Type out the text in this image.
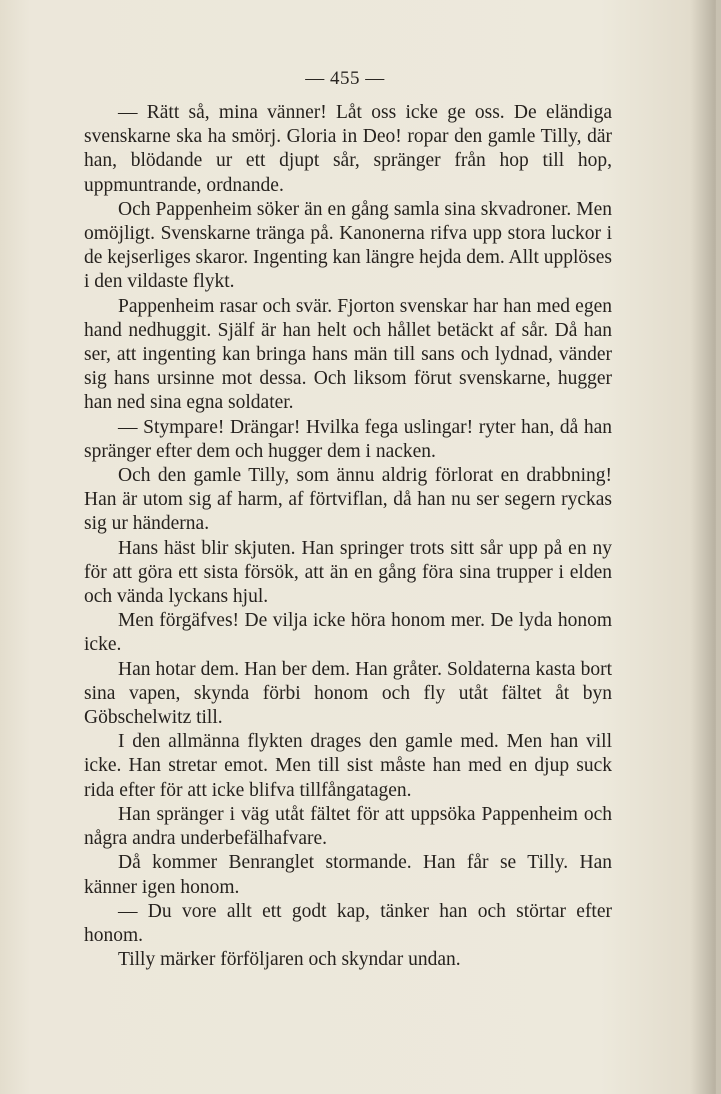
— 455 —

— Rätt så, mina vänner! Låt oss icke ge oss. De eländiga svenskarne ska ha smörj. Gloria in Deo! ropar den gamle Tilly, där han, blödande ur ett djupt sår, spränger från hop till hop, uppmuntrande, ordnande.

Och Pappenheim söker än en gång samla sina skvadroner. Men omöjligt. Svenskarne tränga på. Kanonerna rifva upp stora luckor i de kejserliges skaror. Ingenting kan längre hejda dem. Allt upplöses i den vildaste flykt.

Pappenheim rasar och svär. Fjorton svenskar har han med egen hand nedhuggit. Själf är han helt och hållet betäckt af sår. Då han ser, att ingenting kan bringa hans män till sans och lydnad, vänder sig hans ursinne mot dessa. Och liksom förut svenskarne, hugger han ned sina egna soldater.

— Stympare! Drängar! Hvilka fega uslingar! ryter han, då han spränger efter dem och hugger dem i nacken.

Och den gamle Tilly, som ännu aldrig förlorat en drabbning! Han är utom sig af harm, af förtviflan, då han nu ser segern ryckas sig ur händerna.

Hans häst blir skjuten. Han springer trots sitt sår upp på en ny för att göra ett sista försök, att än en gång föra sina trupper i elden och vända lyckans hjul.

Men förgäfves! De vilja icke höra honom mer. De lyda honom icke.

Han hotar dem. Han ber dem. Han gråter. Soldaterna kasta bort sina vapen, skynda förbi honom och fly utåt fältet åt byn Göbschelwitz till.

I den allmänna flykten drages den gamle med. Men han vill icke. Han stretar emot. Men till sist måste han med en djup suck rida efter för att icke blifva tillfångatagen.

Han spränger i väg utåt fältet för att uppsöka Pappenheim och några andra underbefälhafvare.

Då kommer Benranglet stormande. Han får se Tilly. Han känner igen honom.

— Du vore allt ett godt kap, tänker han och störtar efter honom.

Tilly märker förföljaren och skyndar undan.
